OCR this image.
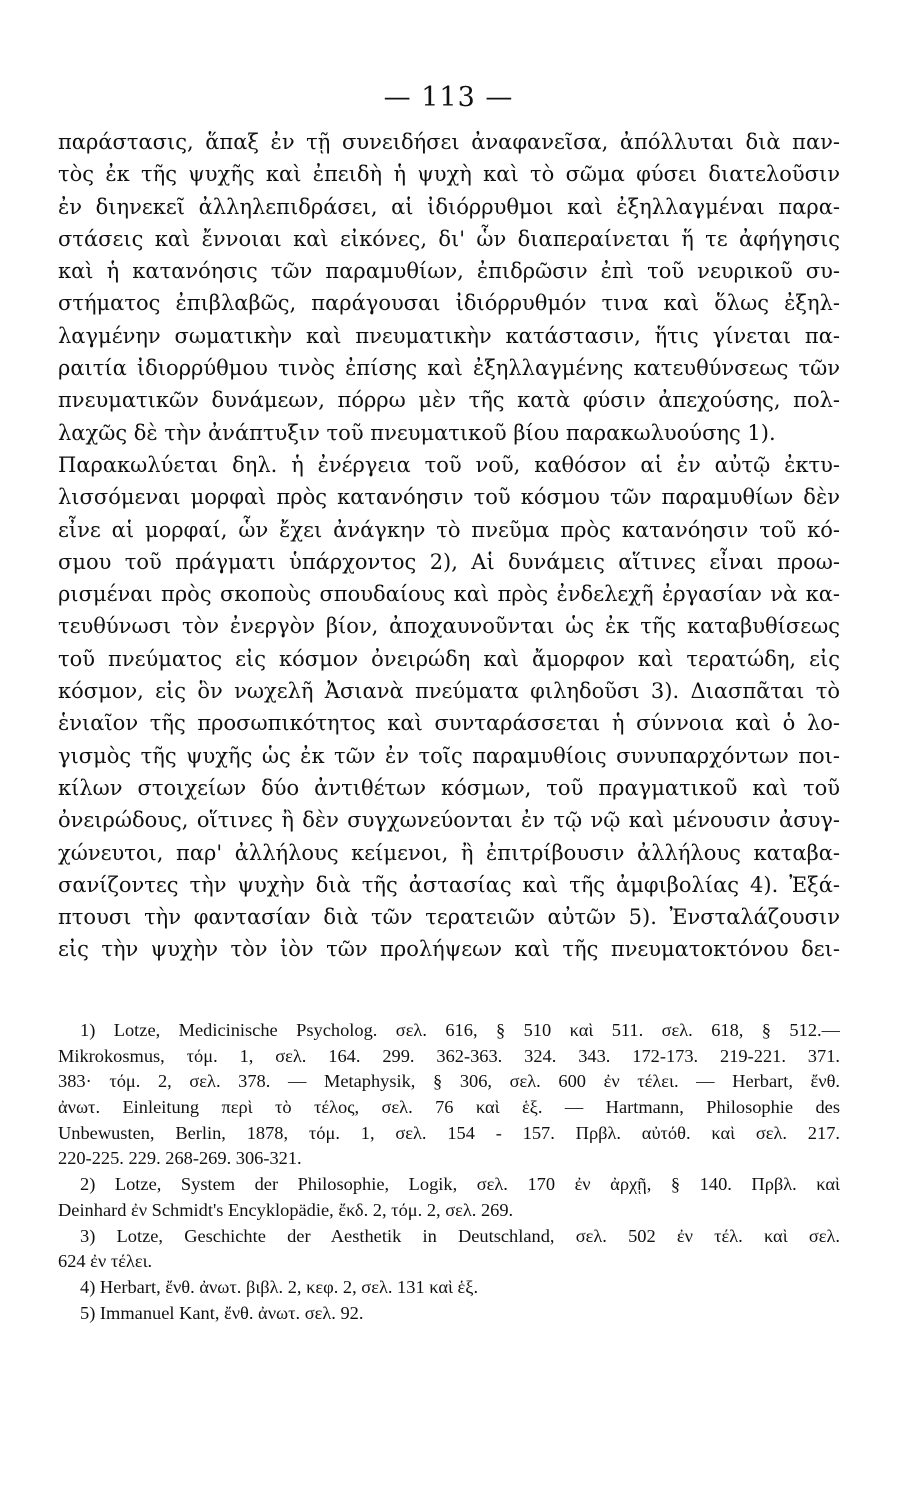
— 113 —
παράστασις, ἅπαξ ἐν τῇ συνειδήσει ἀναφανεῖσα, ἀπόλλυται διὰ παν-
τὸς ἐκ τῆς ψυχῆς καὶ ἐπειδὴ ἡ ψυχὴ καὶ τὸ σῶμα φύσει διατελοῦσιν
ἐν διηνεκεῖ ἀλληλεπιδράσει, αἱ ἰδιόρρυθμοι καὶ ἐξηλλαγμέναι παρα-
στάσεις καὶ ἔννοιαι καὶ εἰκόνες, δι' ὧν διαπεραίνεται ἥ τε ἀφήγησις
καὶ ἡ κατανόησις τῶν παραμυθίων, ἐπιδρῶσιν ἐπὶ τοῦ νευρικοῦ συ-
στήματος ἐπιβλαβῶς, παράγουσαι ἰδιόρρυθμόν τινα καὶ ὅλως ἐξηλ-
λαγμένην σωματικὴν καὶ πνευματικὴν κατάστασιν, ἥτις γίνεται πα-
ραιτία ἰδιορρύθμου τινὸς ἐπίσης καὶ ἐξηλλαγμένης κατευθύνσεως τῶν
πνευματικῶν δυνάμεων, πόρρω μὲν τῆς κατὰ φύσιν ἀπεχούσης, πολ-
λαχῶς δὲ τὴν ἀνάπτυξιν τοῦ πνευματικοῦ βίου παρακωλυούσης 1).
Παρακωλύεται δηλ. ἡ ἐνέργεια τοῦ νοῦ, καθόσον αἱ ἐν αὐτῷ ἐκτυ-
λισσόμεναι μορφαὶ πρὸς κατανόησιν τοῦ κόσμου τῶν παραμυθίων δὲν
εἶνε αἱ μορφαί, ὧν ἔχει ἀνάγκην τὸ πνεῦμα πρὸς κατανόησιν τοῦ κό-
σμου τοῦ πράγματι ὑπάρχοντος 2), Αἱ δυνάμεις αἵτινες εἶναι προω-
ρισμέναι πρὸς σκοποὺς σπουδαίους καὶ πρὸς ἐνδελεχῆ ἐργασίαν νὰ κα-
τευθύνωσι τὸν ἐνεργὸν βίον, ἀποχαυνοῦνται ὡς ἐκ τῆς καταβυθίσεως
τοῦ πνεύματος εἰς κόσμον ὀνειρώδη καὶ ἄμορφον καὶ τερατώδη, εἰς
κόσμον, εἰς ὃν νωχελῆ Ἀσιανὰ πνεύματα φιληδοῦσι 3). Διασπᾶται τὸ
ἑνιαῖον τῆς προσωπικότητος καὶ συνταράσσεται ἡ σύννοια καὶ ὁ λο-
γισμὸς τῆς ψυχῆς ὡς ἐκ τῶν ἐν τοῖς παραμυθίοις συνυπαρχόντων ποι-
κίλων στοιχείων δύο ἀντιθέτων κόσμων, τοῦ πραγματικοῦ καὶ τοῦ
ὀνειρώδους, οἵτινες ἢ δὲν συγχωνεύονται ἐν τῷ νῷ καὶ μένουσιν ἀσυγ-
χώνευτοι, παρ' ἀλλήλους κείμενοι, ἢ ἐπιτρίβουσιν ἀλλήλους καταβα-
σανίζοντες τὴν ψυχὴν διὰ τῆς ἀστασίας καὶ τῆς ἀμφιβολίας 4). Ἐξά-
πτουσι τὴν φαντασίαν διὰ τῶν τερατειῶν αὐτῶν 5). Ἐνσταλάζουσιν
εἰς τὴν ψυχὴν τὸν ἰὸν τῶν προλήψεων καὶ τῆς πνευματοκτόνου δει-
1) Lotze, Medicinische Psycholog. σελ. 616, § 510 καὶ 511. σελ. 618, § 512.—
Mikrokosmus, τόμ. 1, σελ. 164. 299. 362-363. 324. 343. 172-173. 219-221. 371.
383· τόμ. 2, σελ. 378. — Metaphysik, § 306, σελ. 600 ἐν τέλει. — Herbart, ἔνθ.
ἀνωτ. Einleitung περὶ τὸ τέλος, σελ. 76 καὶ ἑξ. — Hartmann, Philosophie des
Unbewusten, Berlin, 1878, τόμ. 1, σελ. 154 - 157. Πρβλ. αὐτόθ. καὶ σελ. 217.
220-225. 229. 268-269. 306-321.
2) Lotze, System der Philosophie, Logik, σελ. 170 ἐν ἀρχῇ, § 140. Πρβλ. καὶ
Deinhard ἐν Schmidt's Encyklopädie, ἔκδ. 2, τόμ. 2, σελ. 269.
3) Lotze, Geschichte der Aesthetik in Deutschland, σελ. 502 ἐν τέλ. καὶ σελ.
624 ἐν τέλει.
4) Herbart, ἔνθ. ἀνωτ. βιβλ. 2, κεφ. 2, σελ. 131 καὶ ἑξ.
5) Immanuel Kant, ἔνθ. ἀνωτ. σελ. 92.
